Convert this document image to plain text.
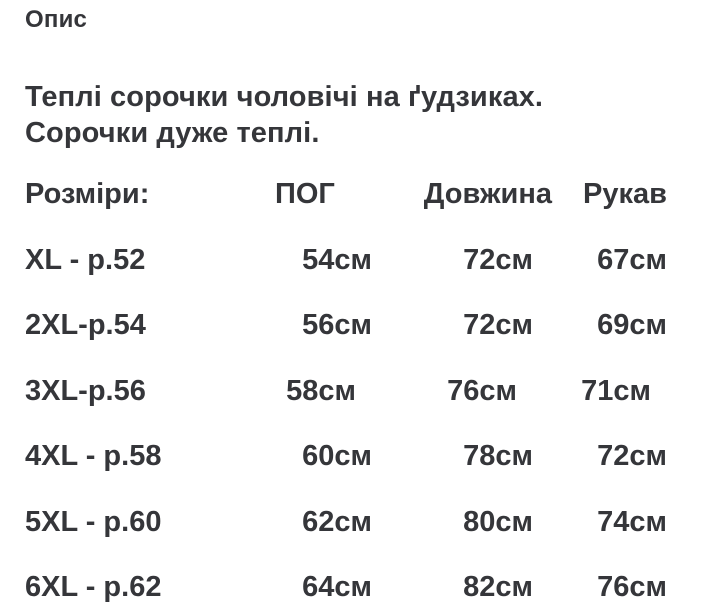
Опис
Теплі сорочки чоловічі на ґудзиках.
Сорочки дуже теплі.
Розміри:	ПОГ	Довжина	Рукав
XL - р.52	54см	72см	67см
2XL-р.54	56см	72см	69см
3XL-р.56	58см	76см	71см
4XL - р.58	60см	78см	72см
5XL - р.60	62см	80см	74см
6XL - р.62	64см	82см	76см
